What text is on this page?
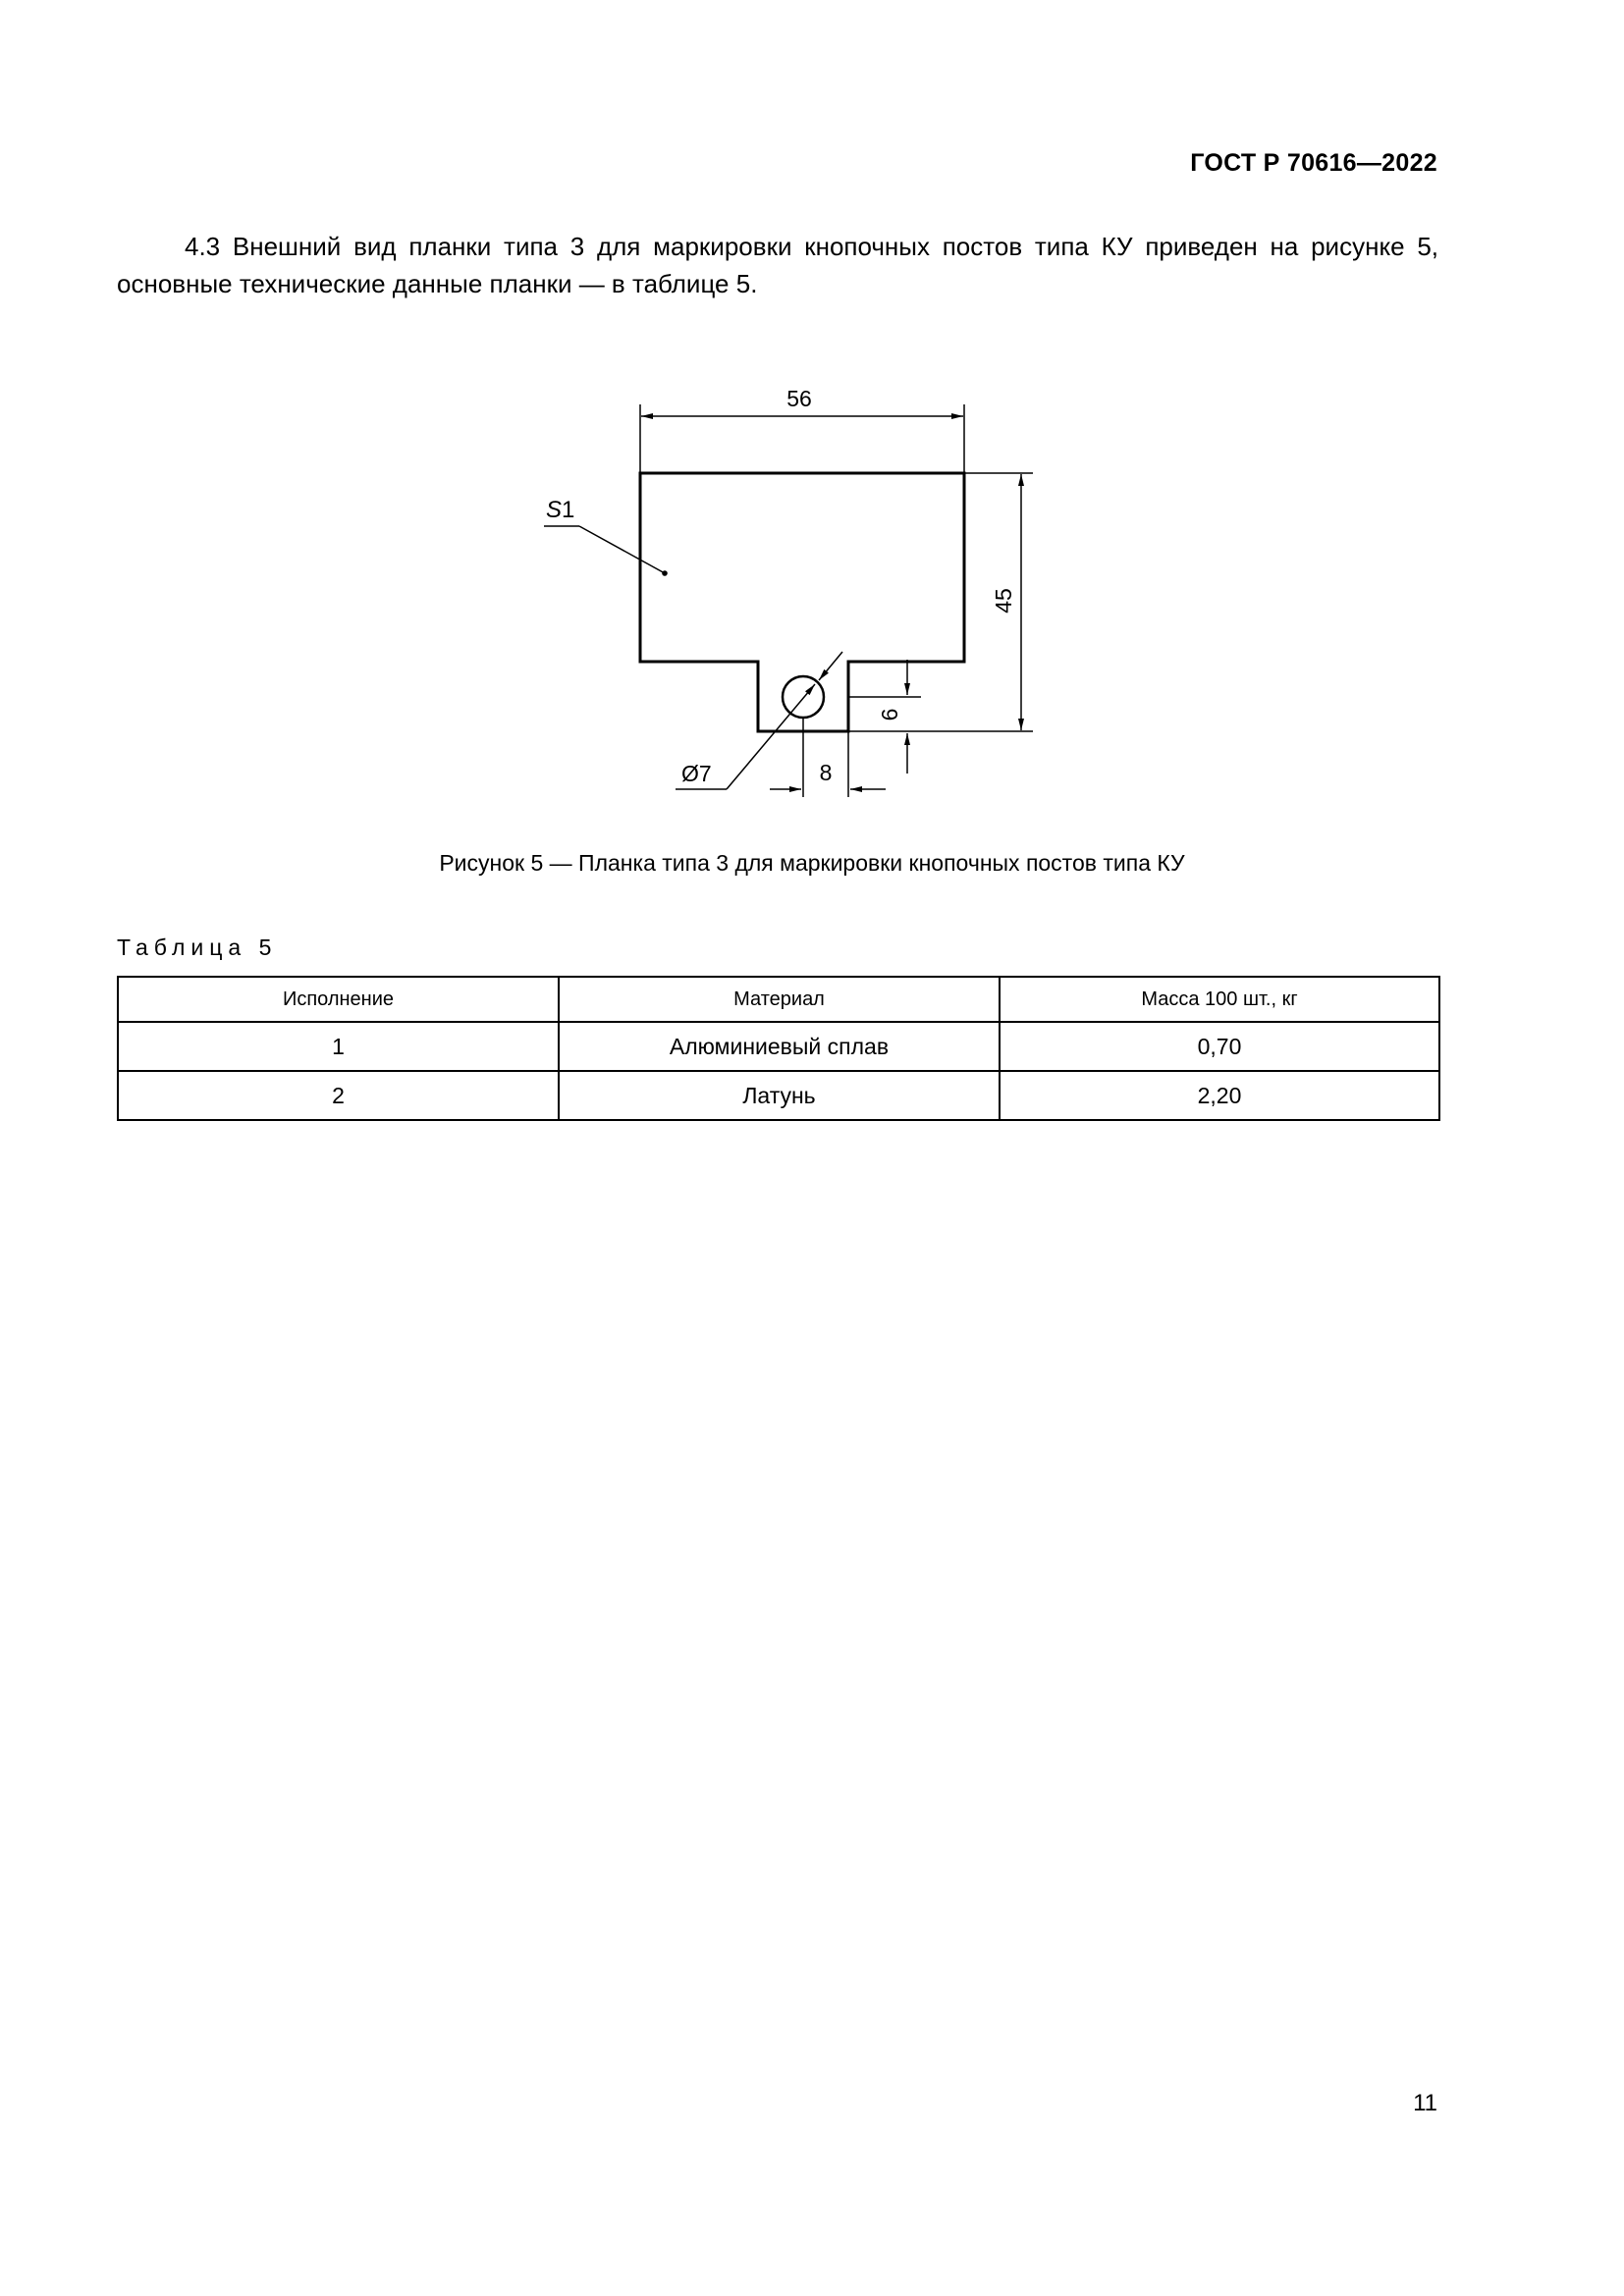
ГОСТ Р 70616—2022
4.3 Внешний вид планки типа 3 для маркировки кнопочных постов типа КУ приведен на рисунке 5,
основные технические данные планки — в таблице 5.
56
45
S1
6
8
Ø7
Рисунок 5 — Планка типа 3 для маркировки кнопочных постов типа КУ
Таблица 5
Исполнение	Материал	Масса 100 шт., кг
1	Алюминиевый сплав	0,70
2	Латунь	2,20
11
